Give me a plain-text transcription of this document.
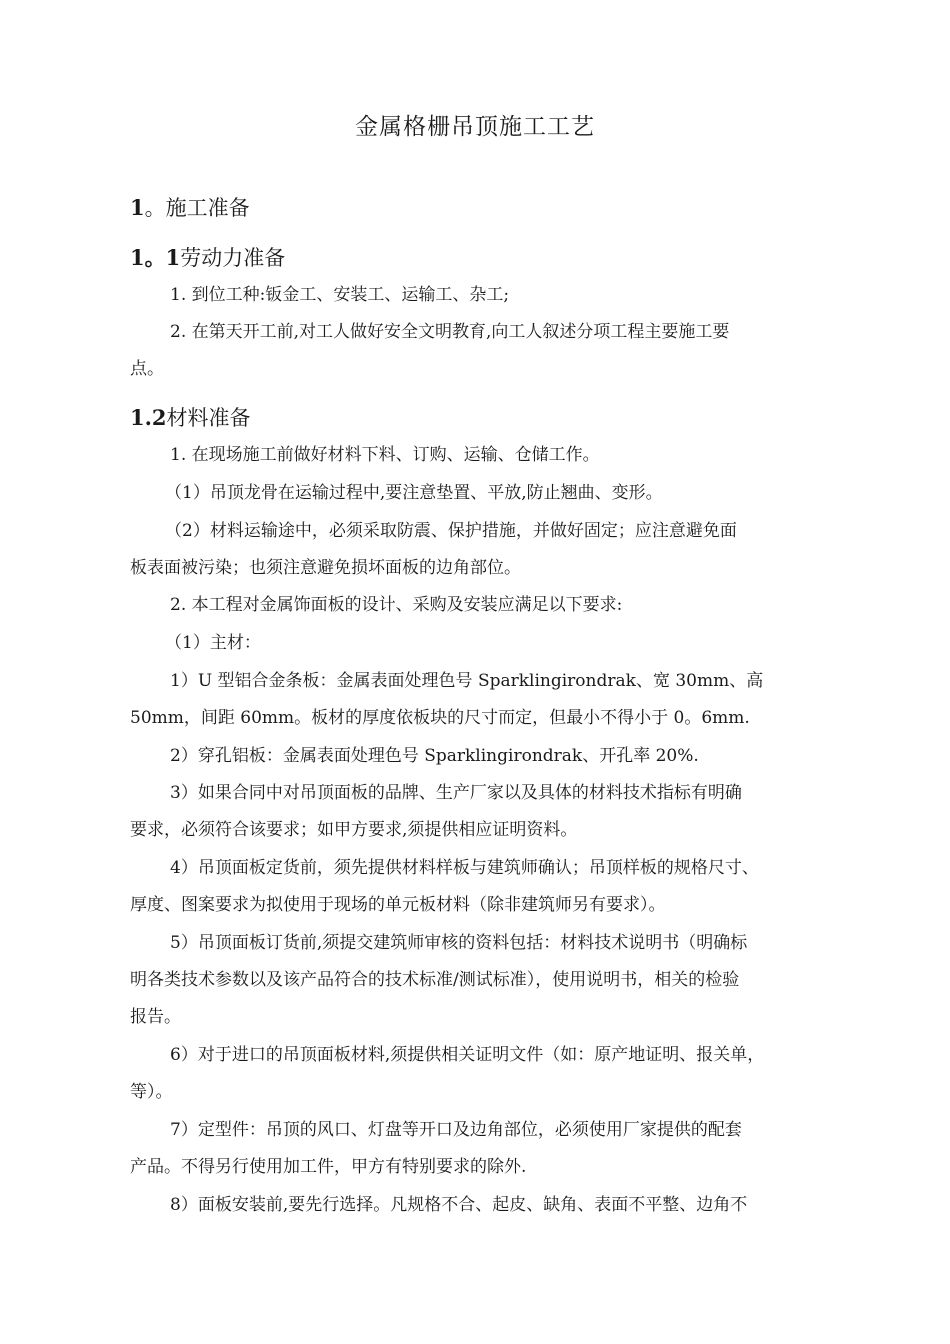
金属格栅吊顶施工工艺
1。施工准备
1。1劳动力准备

1. 到位工种:钣金工、安装工、运输工、杂工;

2. 在第天开工前,对工人做好安全文明教育,向工人叙述分项工程主要施工要

点。

1.2材料准备

1. 在现场施工前做好材料下料、订购、运输、仓储工作。

（1）吊顶龙骨在运输过程中,要注意垫置、平放,防止翘曲、变形。

（2）材料运输途中，必须采取防震、保护措施，并做好固定；应注意避免面

板表面被污染；也须注意避免损坏面板的边角部位。

2. 本工程对金属饰面板的设计、采购及安装应满足以下要求:

（1）主材：

1）U 型铝合金条板：金属表面处理色号 Sparklingirondrak、宽 30mm、高

50mm，间距 60mm。板材的厚度依板块的尺寸而定，但最小不得小于 0。6mm.

2）穿孔铝板：金属表面处理色号 Sparklingirondrak、开孔率 20%.

3）如果合同中对吊顶面板的品牌、生产厂家以及具体的材料技术指标有明确

要求，必须符合该要求；如甲方要求,须提供相应证明资料。

4）吊顶面板定货前，须先提供材料样板与建筑师确认；吊顶样板的规格尺寸、

厚度、图案要求为拟使用于现场的单元板材料（除非建筑师另有要求）。

5）吊顶面板订货前,须提交建筑师审核的资料包括：材料技术说明书（明确标

明各类技术参数以及该产品符合的技术标准/测试标准），使用说明书，相关的检验

报告。

6）对于进口的吊顶面板材料,须提供相关证明文件（如：原产地证明、报关单，

等）。

7）定型件：吊顶的风口、灯盘等开口及边角部位，必须使用厂家提供的配套

产品。不得另行使用加工件，甲方有特别要求的除外.

8）面板安装前,要先行选择。凡规格不合、起皮、缺角、表面不平整、边角不
